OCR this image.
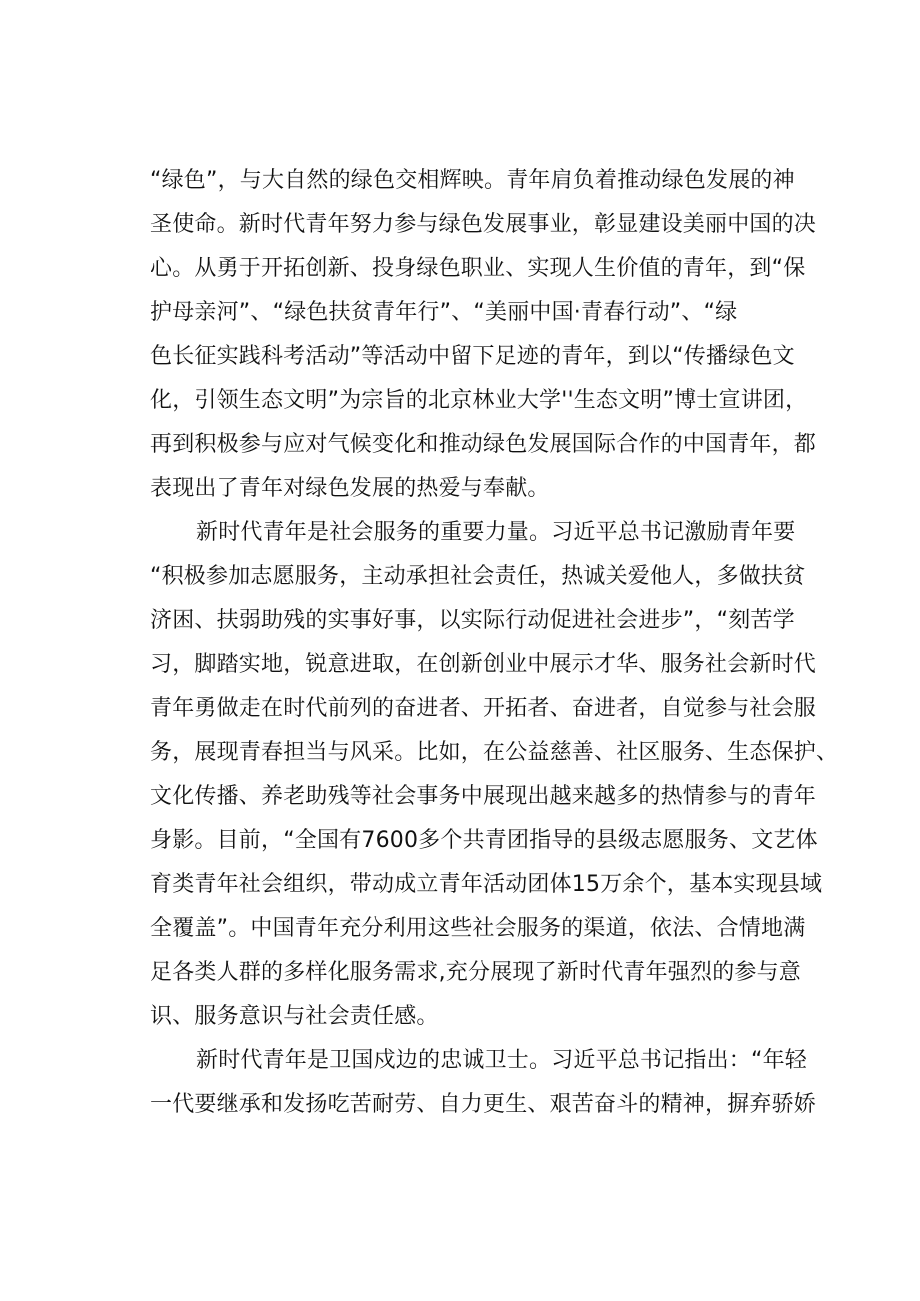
“绿色”，与大自然的绿色交相辉映。青年肩负着推动绿色发展的神
圣使命。新时代青年努力参与绿色发展事业，彰显建设美丽中国的决
心。从勇于开拓创新、投身绿色职业、实现人生价值的青年，到“保
护母亲河”、“绿色扶贫青年行”、“美丽中国·青春行动”、“绿
色长征实践科考活动”等活动中留下足迹的青年，到以“传播绿色文
化，引领生态文明”为宗旨的北京林业大学''生态文明”博士宣讲团，
再到积极参与应对气候变化和推动绿色发展国际合作的中国青年，都
表现出了青年对绿色发展的热爱与奉献。
新时代青年是社会服务的重要力量。习近平总书记激励青年要
“积极参加志愿服务，主动承担社会责任，热诚关爱他人，多做扶贫
济困、扶弱助残的实事好事，以实际行动促进社会进步”，“刻苦学
习，脚踏实地，锐意进取，在创新创业中展示才华、服务社会新时代
青年勇做走在时代前列的奋进者、开拓者、奋进者，自觉参与社会服
务，展现青春担当与风采。比如，在公益慈善、社区服务、生态保护、
文化传播、养老助残等社会事务中展现出越来越多的热情参与的青年
身影。目前，“全国有7600多个共青团指导的县级志愿服务、文艺体
育类青年社会组织，带动成立青年活动团体15万余个，基本实现县域
全覆盖”。中国青年充分利用这些社会服务的渠道，依法、合情地满
足各类人群的多样化服务需求,充分展现了新时代青年强烈的参与意
识、服务意识与社会责任感。
新时代青年是卫国戍边的忠诚卫士。习近平总书记指出：“年轻
一代要继承和发扬吃苦耐劳、自力更生、艰苦奋斗的精神，摒弃骄娇
